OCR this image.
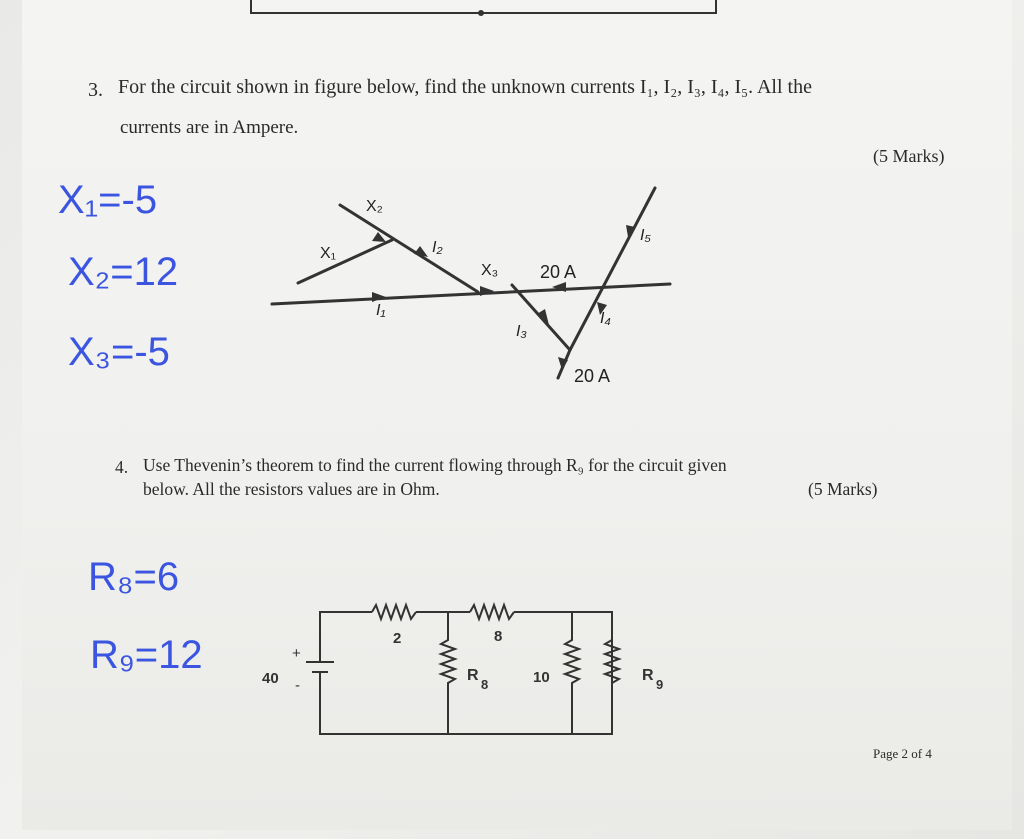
3. For the circuit shown in figure below, find the unknown currents I₁, I₂, I₃, I₄, I₅. All the
currents are in Ampere.
(5 Marks)
X₁=-5
X₂=12
X₃=-5
X₂
X₁	I₂
X₃ 20 A
I₅
I₁
I₃
I₄
20 A
4. Use Thevenin’s theorem to find the current flowing through R₉ for the circuit given
below. All the resistors values are in Ohm.	(5 Marks)
R₈=6
R₉=12
40
+
-
2	8
R
8	10	R
9
Page 2 of 4
